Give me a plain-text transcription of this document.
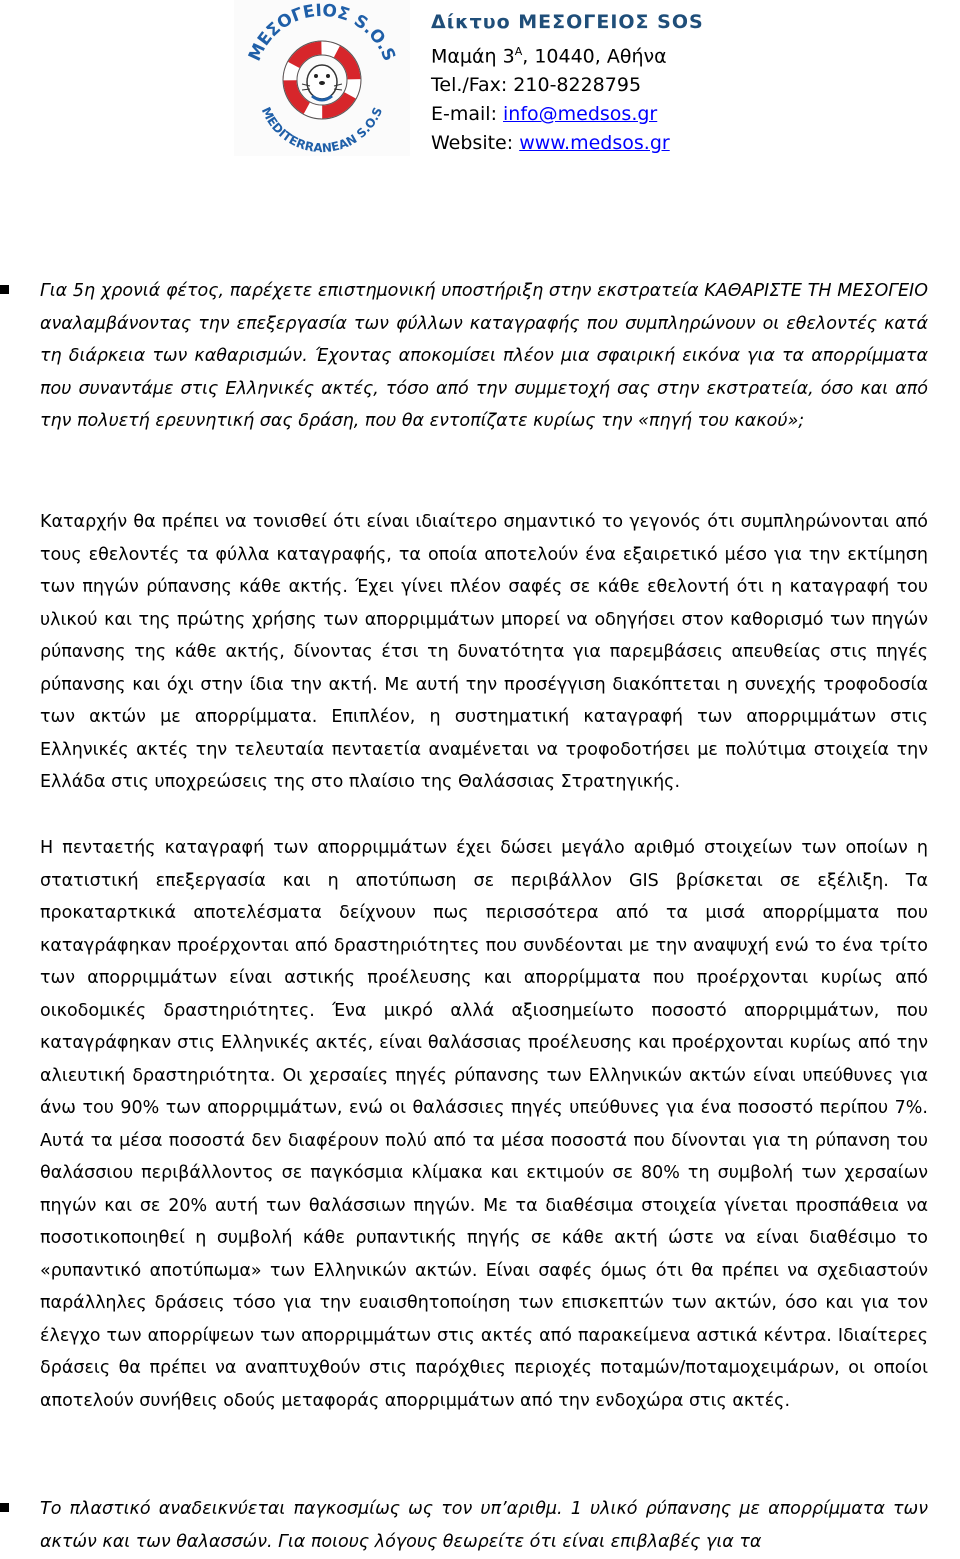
ΜΕΣΟΓΕΙΟΣ S.O.S
MEDITERRANEAN S.O.S
Δίκτυο ΜΕΣΟΓΕΙΟΣ SOS
Μαμάη $3^A$, 10440, Αθήνα
Tel./Fax: 210-8228795
E-mail: info@medsos.gr
Website: www.medsos.gr
Για 5η χρονιά φέτος, παρέχετε επιστημονική υποστήριξη στην εκστρατεία ΚΑΘΑΡΙΣΤΕ ΤΗ ΜΕΣΟΓΕΙΟ αναλαμβάνοντας την επεξεργασία των φύλλων καταγραφής που συμπληρώνουν οι εθελοντές κατά τη διάρκεια των καθαρισμών. Έχοντας αποκομίσει πλέον μια σφαιρική εικόνα για τα απορρίμματα που συναντάμε στις Ελληνικές ακτές, τόσο από την συμμετοχή σας στην εκστρατεία, όσο και από την πολυετή ερευνητική σας δράση, που θα εντοπίζατε κυρίως την «πηγή του κακού»;
Καταρχήν θα πρέπει να τονισθεί ότι είναι ιδιαίτερο σημαντικό το γεγονός ότι συμπληρώνονται από τους εθελοντές τα φύλλα καταγραφής, τα οποία αποτελούν ένα εξαιρετικό μέσο για την εκτίμηση των πηγών ρύπανσης κάθε ακτής. Έχει γίνει πλέον σαφές σε κάθε εθελοντή ότι η καταγραφή του υλικού και της πρώτης χρήσης των απορριμμάτων μπορεί να οδηγήσει στον καθορισμό των πηγών ρύπανσης της κάθε ακτής, δίνοντας έτσι τη δυνατότητα για παρεμβάσεις απευθείας στις πηγές ρύπανσης και όχι στην ίδια την ακτή. Με αυτή την προσέγγιση διακόπτεται η συνεχής τροφοδοσία των ακτών με απορρίμματα. Επιπλέον, η συστηματική καταγραφή των απορριμμάτων στις Ελληνικές ακτές την τελευταία πενταετία αναμένεται να τροφοδοτήσει με πολύτιμα στοιχεία την Ελλάδα στις υποχρεώσεις της στο πλαίσιο της Θαλάσσιας Στρατηγικής.
Η πενταετής καταγραφή των απορριμμάτων έχει δώσει μεγάλο αριθμό στοιχείων των οποίων η στατιστική επεξεργασία και η αποτύπωση σε περιβάλλον GIS βρίσκεται σε εξέλιξη. Τα προκαταρτκικά αποτελέσματα δείχνουν πως περισσότερα από τα μισά απορρίμματα που καταγράφηκαν προέρχονται από δραστηριότητες που συνδέονται με την αναψυχή ενώ το ένα τρίτο των απορριμμάτων είναι αστικής προέλευσης και απορρίμματα που προέρχονται κυρίως από οικοδομικές δραστηριότητες. Ένα μικρό αλλά αξιοσημείωτο ποσοστό απορριμμάτων, που καταγράφηκαν στις Ελληνικές ακτές, είναι θαλάσσιας προέλευσης και προέρχονται κυρίως από την αλιευτική δραστηριότητα. Οι χερσαίες πηγές ρύπανσης των Ελληνικών ακτών είναι υπεύθυνες για άνω του 90% των απορριμμάτων, ενώ οι θαλάσσιες πηγές υπεύθυνες για ένα ποσοστό περίπου 7%. Αυτά τα μέσα ποσοστά δεν διαφέρουν πολύ από τα μέσα ποσοστά που δίνονται για τη ρύπανση του θαλάσσιου περιβάλλοντος σε παγκόσμια κλίμακα και εκτιμούν σε 80% τη συμβολή των χερσαίων πηγών και σε 20% αυτή των θαλάσσιων πηγών. Με τα διαθέσιμα στοιχεία γίνεται προσπάθεια να ποσοτικοποιηθεί η συμβολή κάθε ρυπαντικής πηγής σε κάθε ακτή ώστε να είναι διαθέσιμο το «ρυπαντικό αποτύπωμα» των Ελληνικών ακτών. Είναι σαφές όμως ότι θα πρέπει να σχεδιαστούν παράλληλες δράσεις τόσο για την ευαισθητοποίηση των επισκεπτών των ακτών, όσο και για τον έλεγχο των απορρίψεων των απορριμμάτων στις ακτές από παρακείμενα αστικά κέντρα. Ιδιαίτερες δράσεις θα πρέπει να αναπτυχθούν στις παρόχθιες περιοχές ποταμών/ποταμοχειμάρων, οι οποίοι αποτελούν συνήθεις οδούς μεταφοράς απορριμμάτων από την ενδοχώρα στις ακτές.
Το πλαστικό αναδεικνύεται παγκοσμίως ως τον υπ’αριθμ. 1 υλικό ρύπανσης με απορρίμματα των ακτών και των θαλασσών. Για ποιους λόγους θεωρείτε ότι είναι επιβλαβές για τα
